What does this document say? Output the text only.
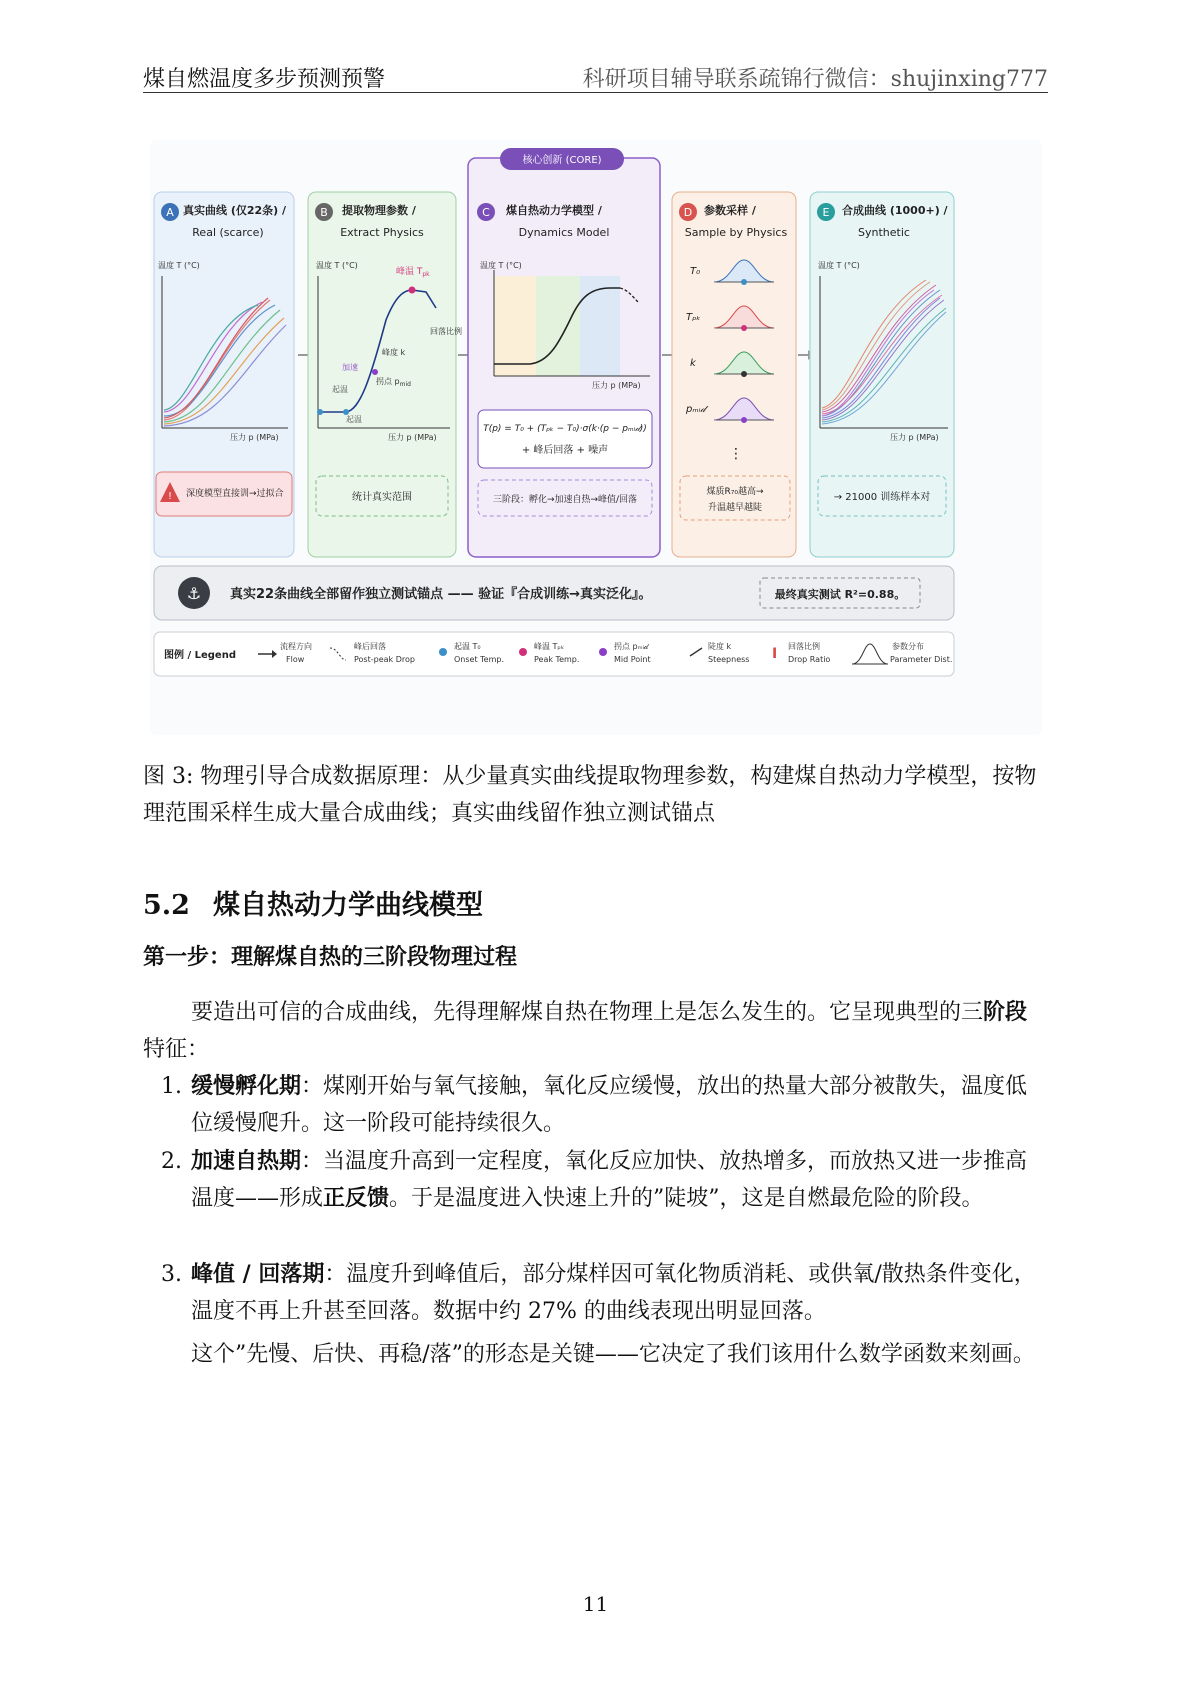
煤自燃温度多步预测预警	科研项目辅导联系疏锦行微信：shujinxing777
A 真实曲线 (仅22条) /
Real (scarce)
温度 T (°C)
压力 p (MPa)
! 深度模型直接训→过拟合
B 提取物理参数 /
Extract Physics
温度 T (°C)
峰温 $T_{pk}$
回落比例
峰度 k
拐点 $p_{mid}$
加速
起温
起温
压力 p (MPa)
统计真实范围
核心创新 (CORE)
C 煤自热动力学模型 /
Dynamics Model
温度 T (°C)
压力 p (MPa)
T(p) = T₀ + (Tₚₖ − T₀)·σ(k·(p − pₘᵢ𝒹))
+ 峰后回落 + 噪声
三阶段：孵化→加速自热→峰值/回落
D 参数采样 /
Sample by Physics
T₀
Tₚₖ
k
pₘᵢ𝒹
⋮
煤质R₇₀越高→
升温越早越陡
E 合成曲线 (1000+) /
Synthetic
温度 T (°C)
压力 p (MPa)
→ 21000 训练样本对
⚓ 真实22条曲线全部留作独立测试锚点 —— 验证『合成训练→真实泛化』。	最终真实测试 R²=0.88。
图例 / Legend
流程方向
Flow
峰后回落
Post-peak Drop
起温 T₀
Onset Temp.
峰温 Tₚₖ
Peak Temp.
拐点 pₘᵢ𝒹
Mid Point
陡度 k
Steepness I 回落比例
Drop Ratio
参数分布
Parameter Dist.
图 3: 物理引导合成数据原理：从少量真实曲线提取物理参数，构建煤自热动力学模型，按物理范围采样生成大量合成曲线；真实曲线留作独立测试锚点
5.2 煤自热动力学曲线模型
第一步：理解煤自热的三阶段物理过程
要造出可信的合成曲线，先得理解煤自热在物理上是怎么发生的。它呈现典型的三阶段特征：
1. 缓慢孵化期：煤刚开始与氧气接触，氧化反应缓慢，放出的热量大部分被散失，温度低位缓慢爬升。这一阶段可能持续很久。
2. 加速自热期：当温度升高到一定程度，氧化反应加快、放热增多，而放热又进一步推高温度——形成正反馈。于是温度进入快速上升的”陡坡”，这是自燃最危险的阶段。
3. 峰值 / 回落期：温度升到峰值后，部分煤样因可氧化物质消耗、或供氧/散热条件变化，温度不再上升甚至回落。数据中约 27% 的曲线表现出明显回落。
这个”先慢、后快、再稳/落”的形态是关键——它决定了我们该用什么数学函数来刻画。
11
